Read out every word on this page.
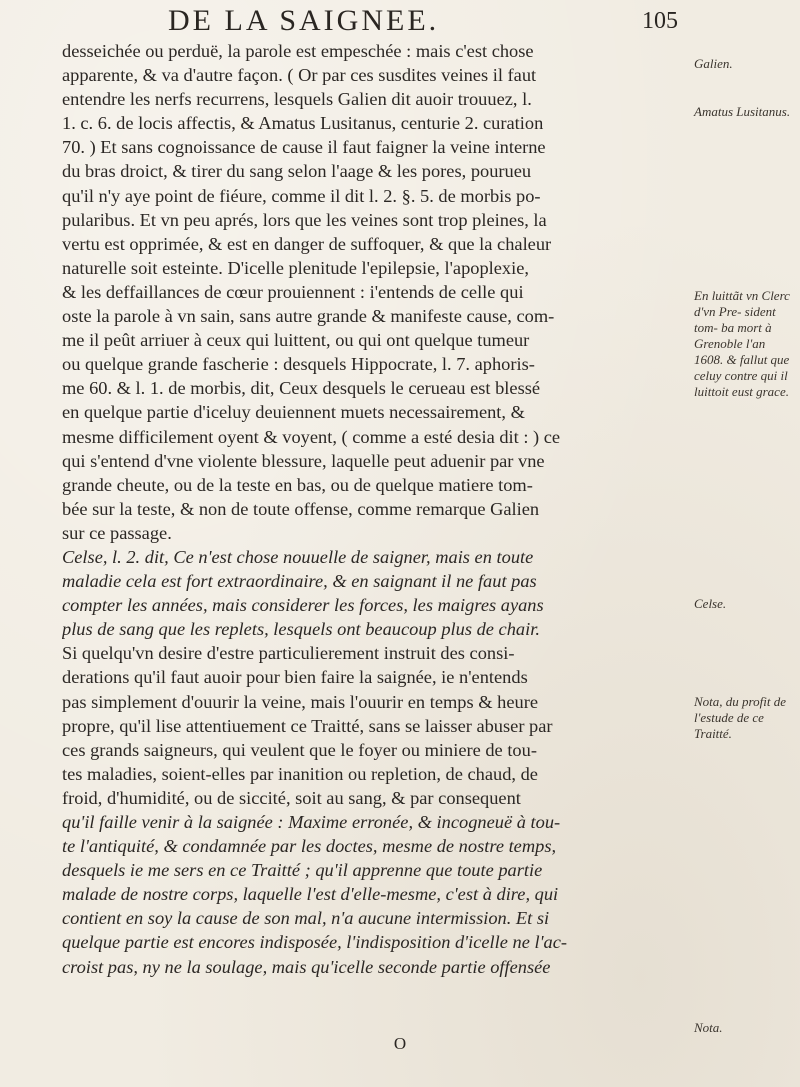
DE LA SAIGNEE.	105
desseichée ou perduë, la parole est empeschée : mais c'est chose
apparente, & va d'autre façon. ( Or par ces susdites veines il faut
entendre les nerfs recurrens, lesquels Galien dit auoir trouuez, l.
1. c. 6. de locis affectis, & Amatus Lusitanus, centurie 2. curation
70. ) Et sans cognoissance de cause il faut faigner la veine interne
du bras droict, & tirer du sang selon l'aage & les pores, pourueu
qu'il n'y aye point de fiéure, comme il dit l. 2. §. 5. de morbis po-
pularibus. Et vn peu aprés, lors que les veines sont trop pleines, la
vertu est opprimée, & est en danger de suffoquer, & que la chaleur
naturelle soit esteinte. D'icelle plenitude l'epilepsie, l'apoplexie,
& les deffaillances de cœur prouiennent : i'entends de celle qui
oste la parole à vn sain, sans autre grande & manifeste cause, com-
me il peût arriuer à ceux qui luittent, ou qui ont quelque tumeur
ou quelque grande fascherie : desquels Hippocrate, l. 7. aphoris-
me 60. & l. 1. de morbis, dit, Ceux desquels le cerueau est blessé
en quelque partie d'iceluy deuiennent muets necessairement, &
mesme difficilement oyent & voyent, ( comme a esté desia dit : ) ce
qui s'entend d'vne violente blessure, laquelle peut aduenir par vne
grande cheute, ou de la teste en bas, ou de quelque matiere tom-
bée sur la teste, & non de toute offense, comme remarque Galien
sur ce passage.
Celse, l. 2. dit, Ce n'est chose nouuelle de saigner, mais en toute
maladie cela est fort extraordinaire, & en saignant il ne faut pas
compter les années, mais considerer les forces, les maigres ayans
plus de sang que les replets, lesquels ont beaucoup plus de chair.
Si quelqu'vn desire d'estre particulierement instruit des consi-
derations qu'il faut auoir pour bien faire la saignée, ie n'entends
pas simplement d'ouurir la veine, mais l'ouurir en temps & heure
propre, qu'il lise attentiuement ce Traitté, sans se laisser abuser par
ces grands saigneurs, qui veulent que le foyer ou miniere de tou-
tes maladies, soient-elles par inanition ou repletion, de chaud, de
froid, d'humidité, ou de siccité, soit au sang, & par consequent
qu'il faille venir à la saignée : Maxime erronée, & incogneuë à tou-
te l'antiquité, & condamnée par les doctes, mesme de nostre temps,
desquels ie me sers en ce Traitté ; qu'il apprenne que toute partie
malade de nostre corps, laquelle l'est d'elle-mesme, c'est à dire, qui
contient en soy la cause de son mal, n'a aucune intermission. Et si
quelque partie est encores indisposée, l'indisposition d'icelle ne l'ac-
croist pas, ny ne la soulage, mais qu'icelle seconde partie offensée
Galien.
Amatus Lusitanus.
En luittãt vn Clerc d'vn Pre- sident tom- ba mort à Grenoble l'an 1608. & fallut que celuy contre qui il luittoit eust grace.
Celse.
Nota, du profit de l'estude de ce Traitté.
Nota.
O
